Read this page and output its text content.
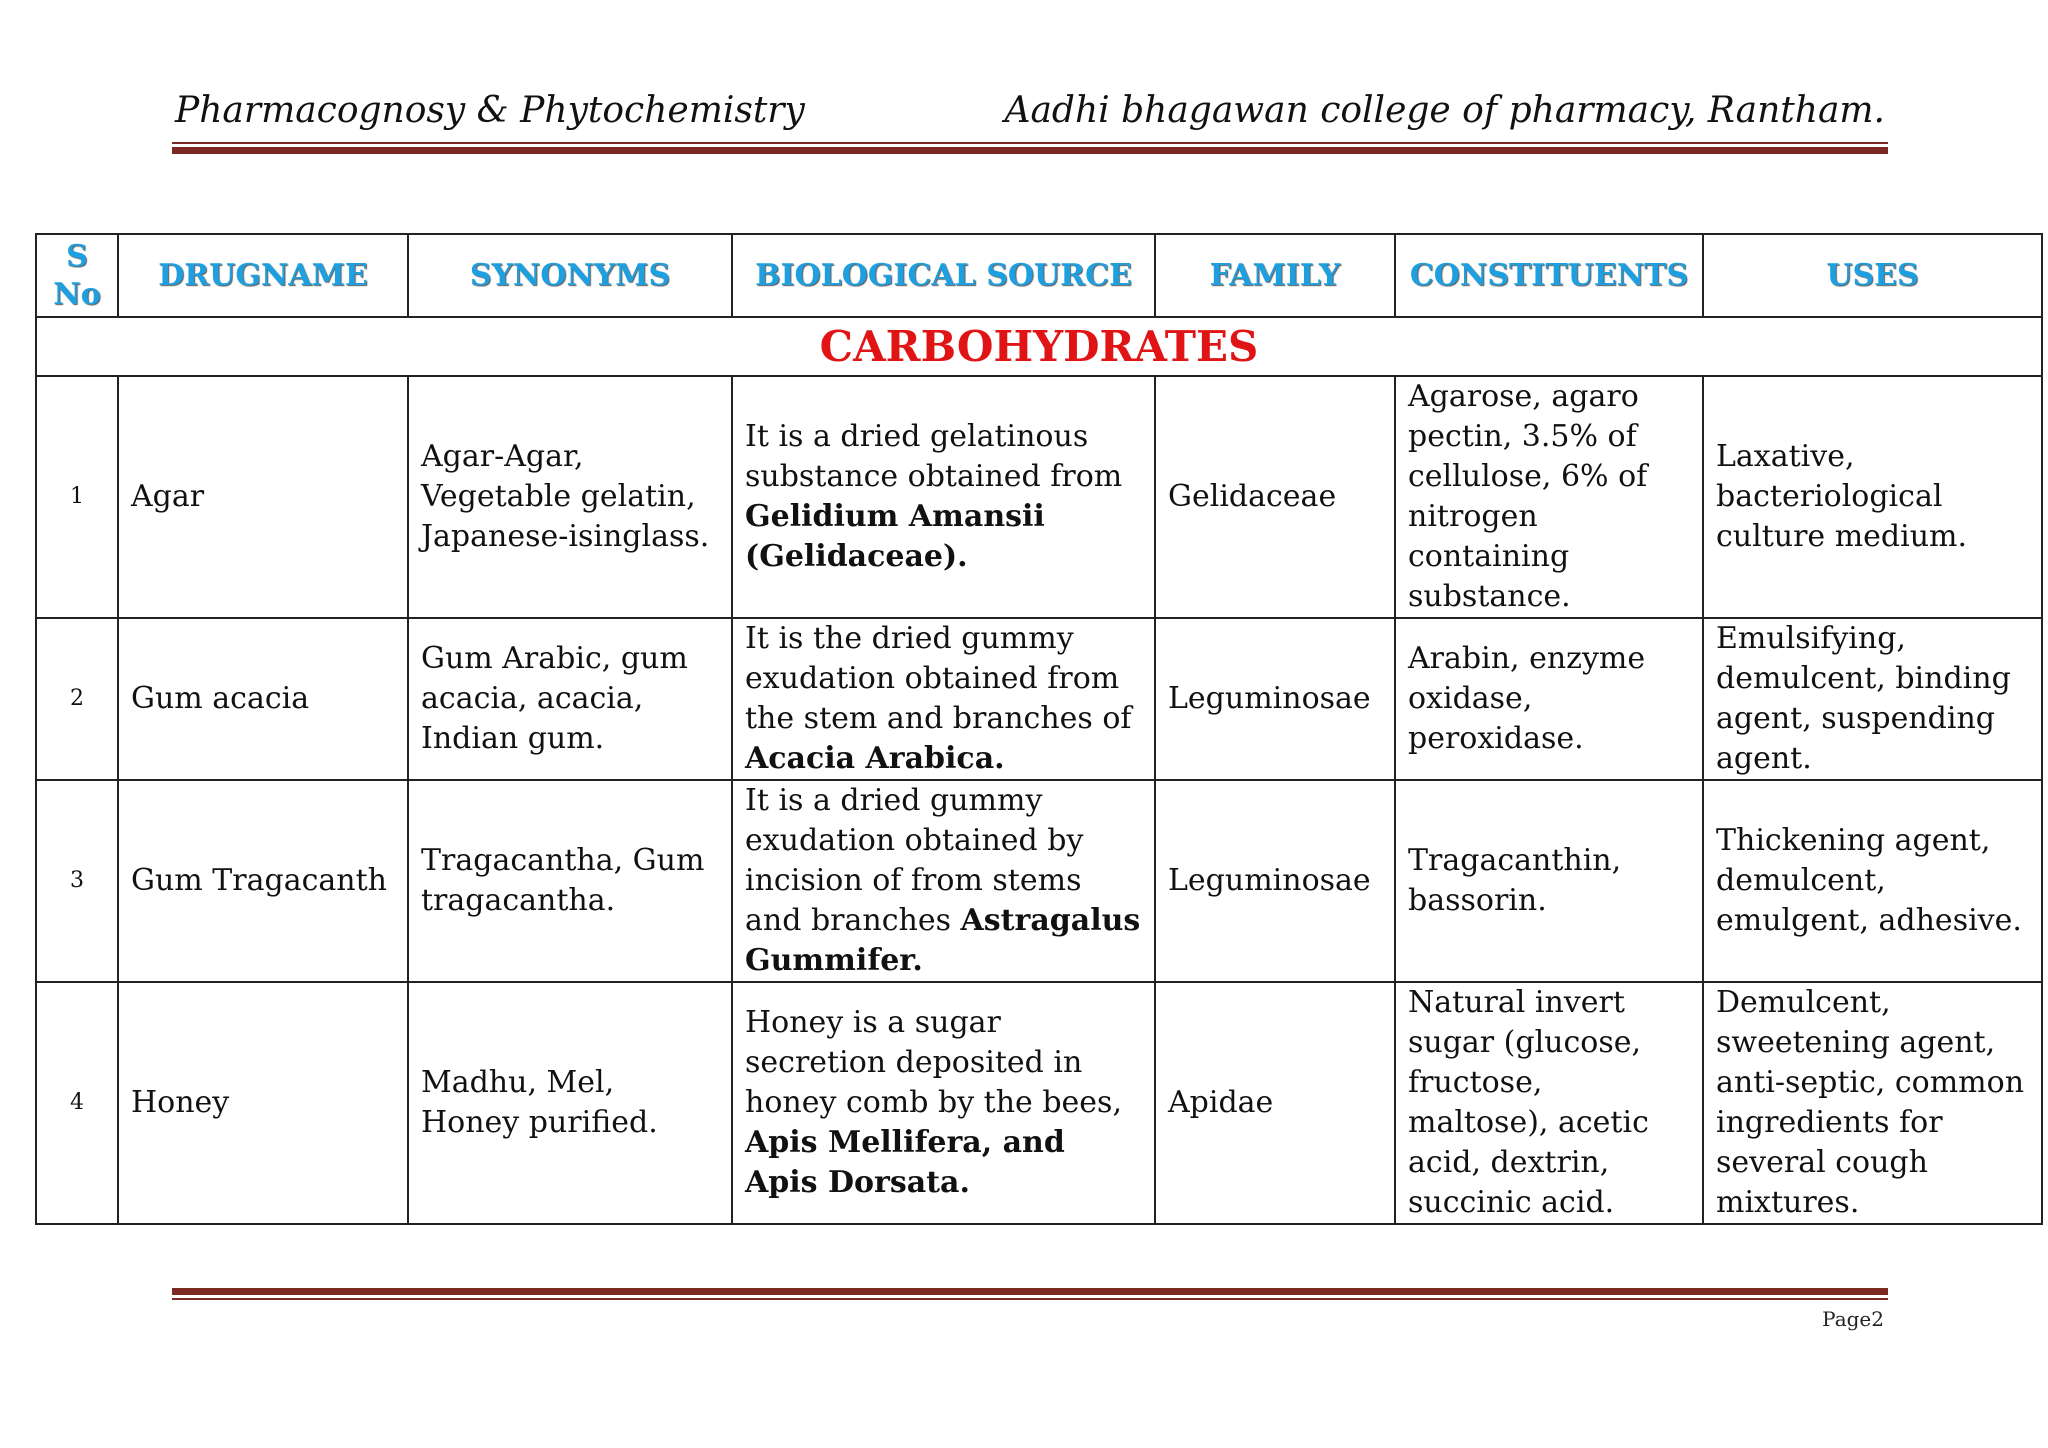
Pharmacognosy & Phytochemistry	Aadhi bhagawan college of pharmacy, Rantham.
S No	DRUGNAME	SYNONYMS	BIOLOGICAL SOURCE	FAMILY	CONSTITUENTS	USES
CARBOHYDRATES						
1	Agar	Agar-Agar, Vegetable gelatin, Japanese-isinglass.	It is a dried gelatinous substance obtained from Gelidium Amansii (Gelidaceae).	Gelidaceae	Agarose, agaro pectin, 3.5% of cellulose, 6% of nitrogen containing substance.	Laxative, bacteriological culture medium.
2	Gum acacia	Gum Arabic, gum acacia, acacia, Indian gum.	It is the dried gummy exudation obtained from the stem and branches of Acacia Arabica.	Leguminosae	Arabin, enzyme oxidase, peroxidase.	Emulsifying, demulcent, binding agent, suspending agent.
3	Gum Tragacanth	Tragacantha, Gum tragacantha.	It is a dried gummy exudation obtained by incision of from stems and branches Astragalus Gummifer.	Leguminosae	Tragacanthin, bassorin.	Thickening agent, demulcent, emulgent, adhesive.
4	Honey	Madhu, Mel, Honey purified.	Honey is a sugar secretion deposited in honey comb by the bees, Apis Mellifera, and Apis Dorsata.	Apidae	Natural invert sugar (glucose, fructose, maltose), acetic acid, dextrin, succinic acid.	Demulcent, sweetening agent, anti-septic, common ingredients for several cough mixtures.
Page2
